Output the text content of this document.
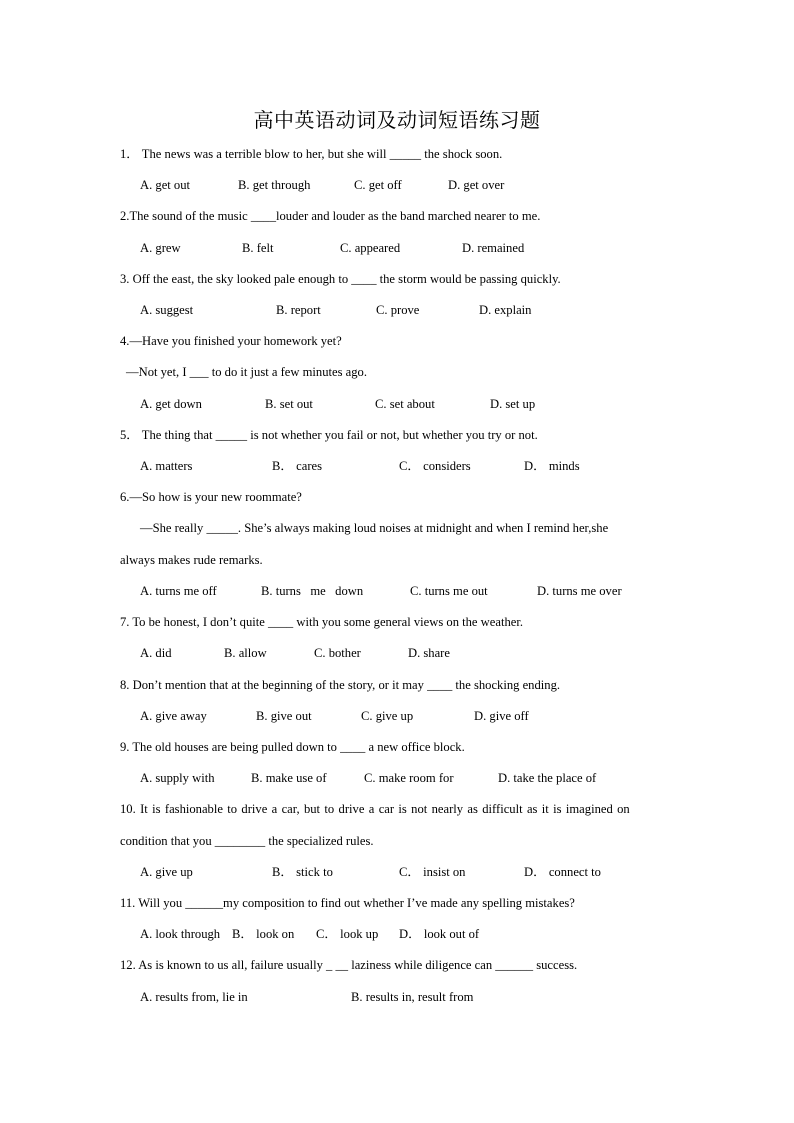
高中英语动词及动词短语练习题
1． The news was a terrible blow to her, but she will _____ the shock soon.
A. get out	B. get through	C. get off	D. get over
2.The sound of the music ____louder and louder as the band marched nearer to me.
A. grew	B. felt	C. appeared	D. remained
3. Off the east, the sky looked pale enough to ____ the storm would be passing quickly.
A. suggest	B. report	C. prove	D. explain
4.—Have you finished your homework yet?
—Not yet, I ___ to do it just a few minutes ago.
A. get down	B. set out	C. set about	D. set up
5． The thing that _____ is not whether you fail or not, but whether you try or not.
A. matters	B． cares	C． considers	D． minds
6.—So how is your new roommate?
—She really _____. She’s always making loud noises at midnight and when I remind her,she
always makes rude remarks.
A. turns me off	B. turns   me   down	C. turns me out	D. turns me over
7. To be honest, I don’t quite ____ with you some general views on the weather.
A. did	B. allow	C. bother	D. share
8. Don’t mention that at the beginning of the story, or it may ____ the shocking ending.
A. give away	B. give out	C. give up	D. give off
9. The old houses are being pulled down to ____ a new office block.
A. supply with	B. make use of	C. make room for	D. take the place of
10. It is fashionable to drive a car, but to drive a car is not nearly as difficult as it is imagined on
condition that you ________ the specialized rules.
A. give up	B． stick to	C． insist on	D． connect to
11. Will you ______my composition to find out whether I’ve made any spelling mistakes?
A. look through B． look on C． look up D． look out of
12. As is known to us all, failure usually _ __ laziness while diligence can ______ success.
A. results from, lie in	B. results in, result from
